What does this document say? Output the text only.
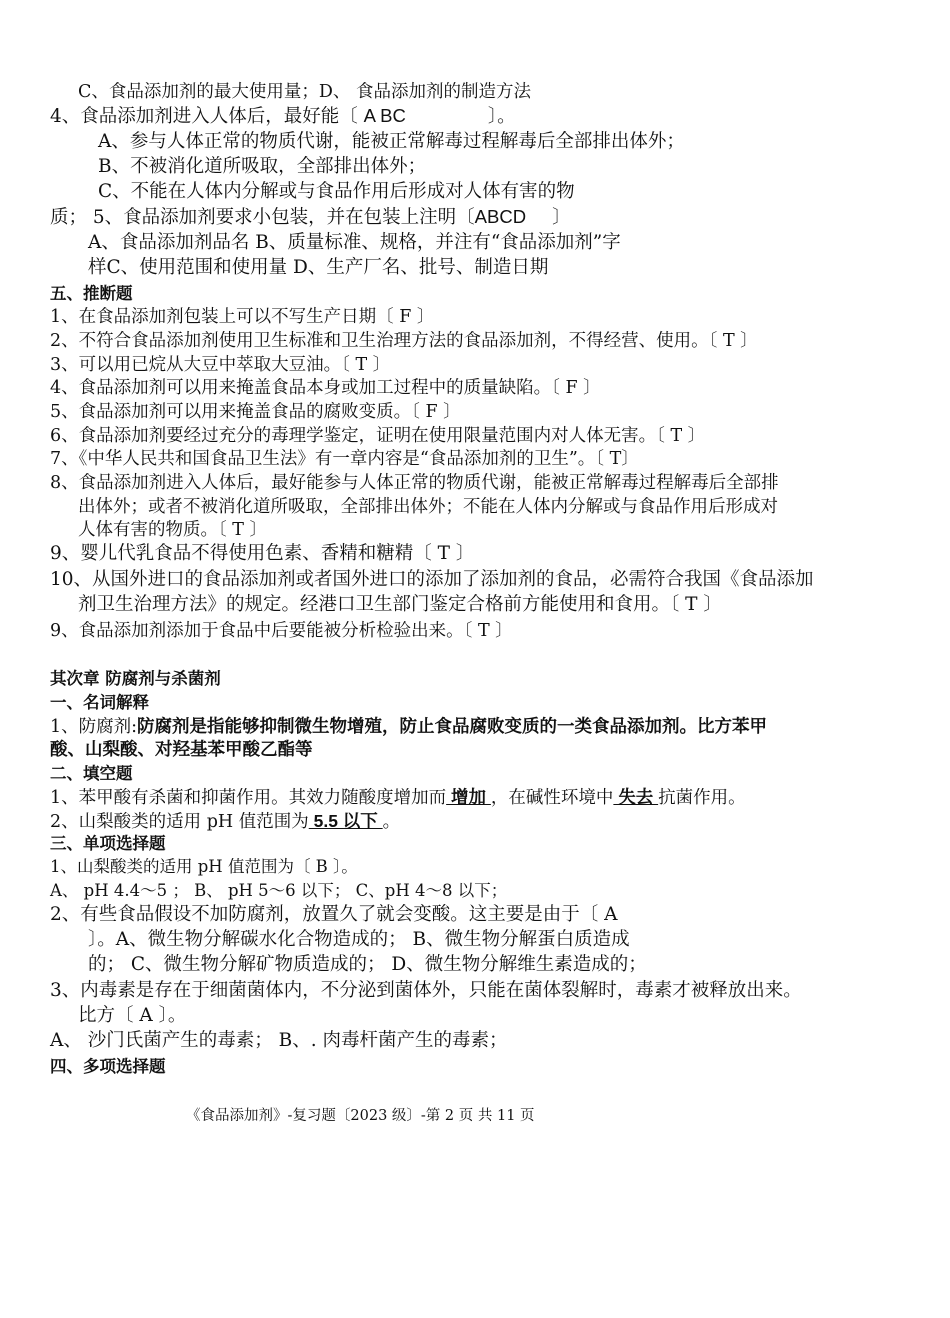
C、食品添加剂的最大使用量；D、 食品添加剂的制造方法
4、食品添加剂进入人体后，最好能〔 A BC	〕。
A、参与人体正常的物质代谢，能被正常解毒过程解毒后全部排出体外；
B、不被消化道所吸取，全部排出体外；
C、不能在人体内分解或与食品作用后形成对人体有害的物
质； 5、食品添加剂要求小包装，并在包装上注明〔ABCD 〕
A、食品添加剂品名 B、质量标准、规格，并注有“食品添加剂”字
样C、使用范围和使用量 D、生产厂名、批号、制造日期
五、推断题
1、在食品添加剂包装上可以不写生产日期〔 F 〕
2、不符合食品添加剂使用卫生标准和卫生治理方法的食品添加剂，不得经营、使用。〔 T 〕
3、可以用已烷从大豆中萃取大豆油。〔 T 〕
4、食品添加剂可以用来掩盖食品本身或加工过程中的质量缺陷。〔 F 〕
5、食品添加剂可以用来掩盖食品的腐败变质。〔 F 〕
6、食品添加剂要经过充分的毒理学鉴定，证明在使用限量范围内对人体无害。〔 T 〕
7、《中华人民共和国食品卫生法》有一章内容是“食品添加剂的卫生”。〔 T〕
8、食品添加剂进入人体后，最好能参与人体正常的物质代谢，能被正常解毒过程解毒后全部排
出体外；或者不被消化道所吸取，全部排出体外；不能在人体内分解或与食品作用后形成对
人体有害的物质。〔 T 〕
9、婴儿代乳食品不得使用色素、香精和糖精〔 T 〕
10、从国外进口的食品添加剂或者国外进口的添加了添加剂的食品，必需符合我国《食品添加
剂卫生治理方法》的规定。经港口卫生部门鉴定合格前方能使用和食用。〔 T 〕
9、食品添加剂添加于食品中后要能被分析检验出来。〔 T 〕
其次章 防腐剂与杀菌剂
一、名词解释
1、防腐剂:防腐剂是指能够抑制微生物增殖，防止食品腐败变质的一类食品添加剂。比方苯甲
酸、山梨酸、对羟基苯甲酸乙酯等
二、填空题
1、苯甲酸有杀菌和抑菌作用。其效力随酸度增加而 增加 ，在碱性环境中 失去 抗菌作用。
2、山梨酸类的适用 pH 值范围为 5.5 以下 。
三、单项选择题
1、山梨酸类的适用 pH 值范围为〔 B 〕。
A、 pH 4.4～5 ； B、 pH 5～6 以下； C、pH 4～8 以下；
2、有些食品假设不加防腐剂，放置久了就会变酸。这主要是由于〔 A
〕。A、微生物分解碳水化合物造成的； B、微生物分解蛋白质造成
的； C、微生物分解矿物质造成的； D、微生物分解维生素造成的；
3、内毒素是存在于细菌菌体内，不分泌到菌体外，只能在菌体裂解时，毒素才被释放出来。
比方〔 A 〕。
A、 沙门氏菌产生的毒素； B、. 肉毒杆菌产生的毒素；
四、多项选择题
《食品添加剂》-复习题〔2023 级〕-第 2 页 共 11 页
